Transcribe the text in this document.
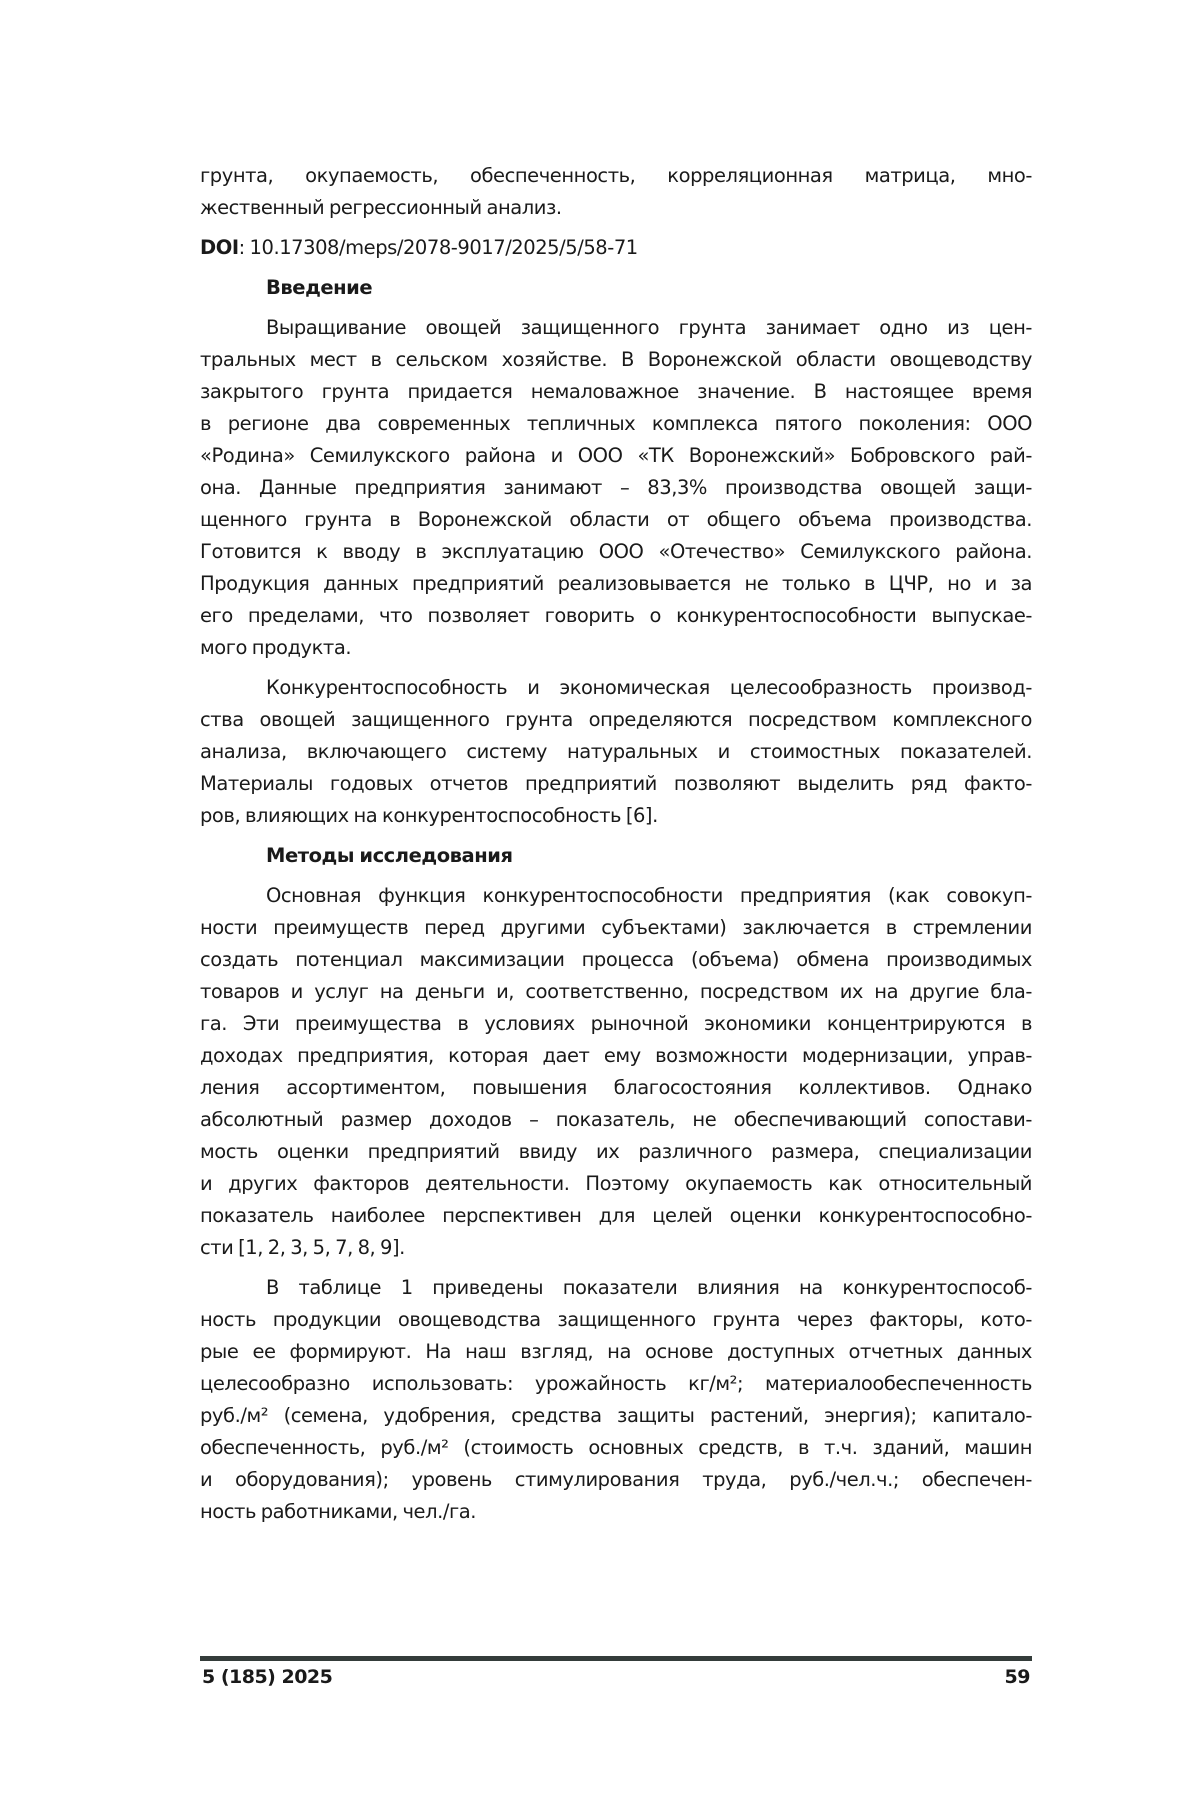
грунта, окупаемость, обеспеченность, корреляционная матрица, мно-
жественный регрессионный анализ.
DOI: 10.17308/meps/2078-9017/2025/5/58-71
Введение
Выращивание овощей защищенного грунта занимает одно из цен-
тральных мест в сельском хозяйстве. В Воронежской области овощеводству
закрытого грунта придается немаловажное значение. В настоящее время
в регионе два современных тепличных комплекса пятого поколения: ООО
«Родина» Семилукского района и ООО «ТК Воронежский» Бобровского рай-
она. Данные предприятия занимают – 83,3% производства овощей защи-
щенного грунта в Воронежской области от общего объема производства.
Готовится к вводу в эксплуатацию ООО «Отечество» Семилукского района.
Продукция данных предприятий реализовывается не только в ЦЧР, но и за
его пределами, что позволяет говорить о конкурентоспособности выпускае-
мого продукта.
Конкурентоспособность и экономическая целесообразность производ-
ства овощей защищенного грунта определяются посредством комплексного
анализа, включающего систему натуральных и стоимостных показателей.
Материалы годовых отчетов предприятий позволяют выделить ряд факто-
ров, влияющих на конкурентоспособность [6].
Методы исследования
Основная функция конкурентоспособности предприятия (как совокуп-
ности преимуществ перед другими субъектами) заключается в стремлении
создать потенциал максимизации процесса (объема) обмена производимых
товаров и услуг на деньги и, соответственно, посредством их на другие бла-
га. Эти преимущества в условиях рыночной экономики концентрируются в
доходах предприятия, которая дает ему возможности модернизации, управ-
ления ассортиментом, повышения благосостояния коллективов. Однако
абсолютный размер доходов – показатель, не обеспечивающий сопостави-
мость оценки предприятий ввиду их различного размера, специализации
и других факторов деятельности. Поэтому окупаемость как относительный
показатель наиболее перспективен для целей оценки конкурентоспособно-
сти [1, 2, 3, 5, 7, 8, 9].
В таблице 1 приведены показатели влияния на конкурентоспособ-
ность продукции овощеводства защищенного грунта через факторы, кото-
рые ее формируют. На наш взгляд, на основе доступных отчетных данных
целесообразно использовать: урожайность кг/м²; материалообеспеченность
руб./м² (семена, удобрения, средства защиты растений, энергия); капитало-
обеспеченность, руб./м² (стоимость основных средств, в т.ч. зданий, машин
и оборудования); уровень стимулирования труда, руб./чел.ч.; обеспечен-
ность работниками, чел./га.
5 (185) 2025	59
